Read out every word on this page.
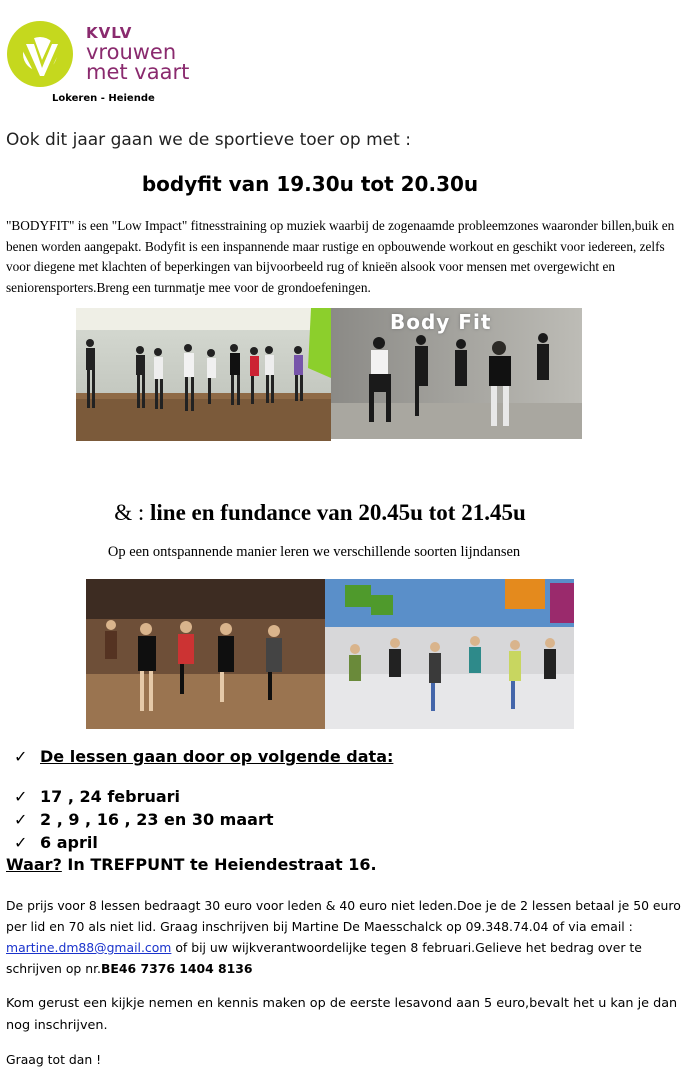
KVLV
vrouwen
met vaart
Lokeren - Heiende
Ook dit jaar gaan we de sportieve toer op met :
bodyfit van 19.30u tot 20.30u
"BODYFIT" is een "Low Impact" fitnesstraining op muziek waarbij de zogenaamde probleemzones waaronder billen,buik en benen worden aangepakt. Bodyfit is een inspannende maar rustige en opbouwende workout en geschikt voor iedereen, zelfs voor diegene met klachten of beperkingen van bijvoorbeeld rug of knieën alsook voor mensen met overgewicht en seniorensporters.Breng een turnmatje mee voor de grondoefeningen.
Body Fit
& : line en fundance van 20.45u tot 21.45u
Op een ontspannende manier leren we verschillende soorten lijndansen
✓ De lessen gaan door op volgende data:
✓ 17 , 24 februari
✓ 2 , 9 , 16 , 23 en 30 maart
✓ 6 april
Waar? In TREFPUNT te Heiendestraat 16.
De prijs voor 8 lessen bedraagt 30 euro voor leden & 40 euro niet leden.Doe je de 2 lessen betaal je 50 euro per lid en 70 als niet lid. Graag inschrijven bij Martine De Maesschalck op 09.348.74.04 of via email : martine.dm88@gmail.com of bij uw wijkverantwoordelijke tegen 8 februari.Gelieve het bedrag over te schrijven op nr.BE46 7376 1404 8136
Kom gerust een kijkje nemen en kennis maken op de eerste lesavond aan 5 euro,bevalt het u kan je dan nog inschrijven.
Graag tot dan !
